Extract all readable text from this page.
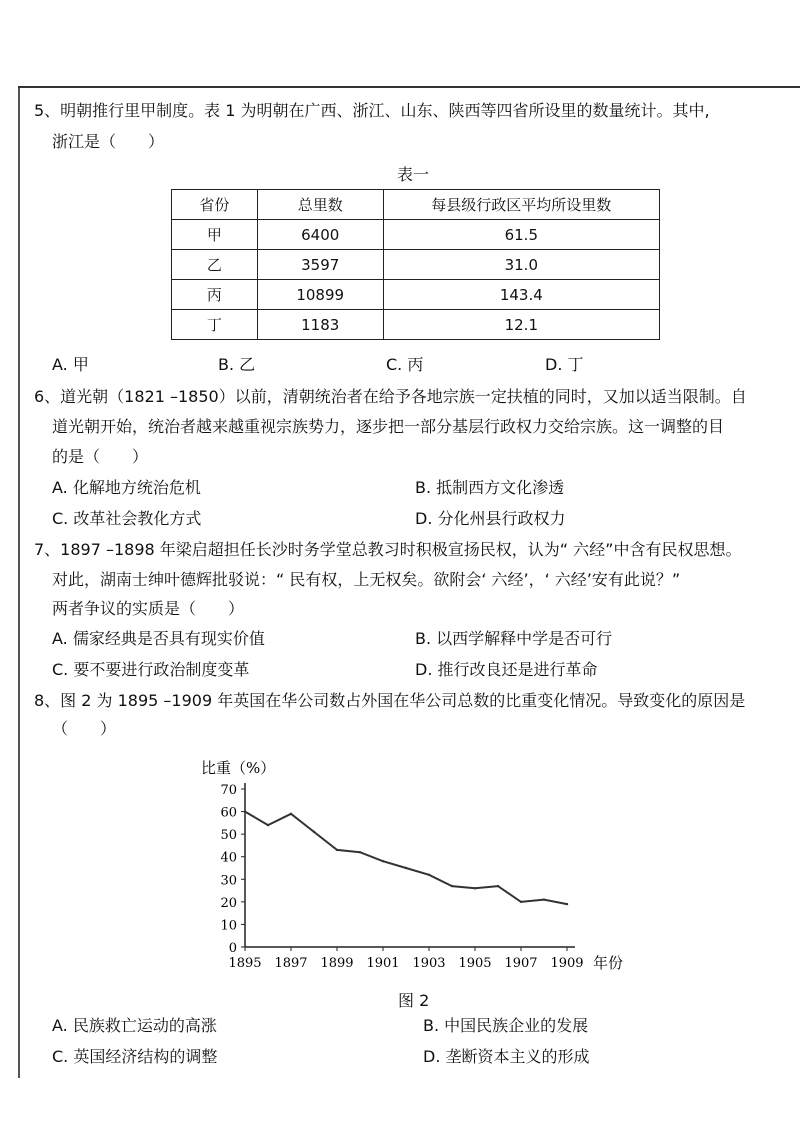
5、明朝推行里甲制度。表 1 为明朝在广西、浙江、山东、陕西等四省所设里的数量统计。其中,
浙江是（　　）
表一
省份	总里数	每县级行政区平均所设里数
甲	6400	61.5
乙	3597	31.0
丙	10899	143.4
丁	1183	12.1
A. 甲	B. 乙	C. 丙	D. 丁
6、道光朝（1821 –1850）以前，清朝统治者在给予各地宗族一定扶植的同时，又加以适当限制。自
道光朝开始，统治者越来越重视宗族势力，逐步把一部分基层行政权力交给宗族。这一调整的目
的是（　　）
A. 化解地方统治危机	B. 抵制西方文化渗透
C. 改革社会教化方式	D. 分化州县行政权力
7、1897 –1898 年梁启超担任长沙时务学堂总教习时积极宣扬民权，认为“ 六经”中含有民权思想。
对此，湖南士绅叶德辉批驳说：“ 民有权，上无权矣。欲附会‘ 六经’，‘ 六经’安有此说？”
两者争议的实质是（　　）
A. 儒家经典是否具有现实价值	B. 以西学解释中学是否可行
C. 要不要进行政治制度变革	D. 推行改良还是进行革命
8、图 2 为 1895 –1909 年英国在华公司数占外国在华公司总数的比重变化情况。导致变化的原因是
（　　）
比重（%）
0
10
20
30
40
50
60
70
1895 1897 1899 1901 1903 1905 1907 1909 年份
图 2
A. 民族救亡运动的高涨	B. 中国民族企业的发展
C. 英国经济结构的调整	D. 垄断资本主义的形成
